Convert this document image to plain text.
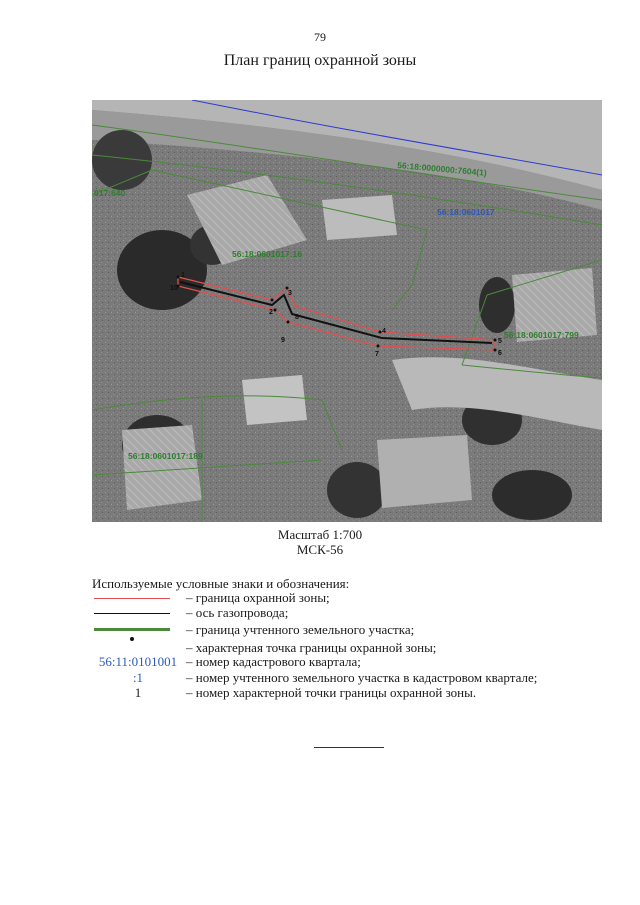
79
План границ охранной зоны
1
2
3
4
5
6
7
8
9
10
56:18:0000000:7604(1)
56:18:0601017
56:18:0601017:16
017:640
56:18:0601017:799
56:18:0601017:189
Масштаб 1:700
МСК-56
Используемые условные знаки и обозначения:
– граница охранной зоны;
– ось газопровода;
– граница учтенного земельного участка;
– характерная точка границы охранной зоны;
56:11:0101001 – номер кадастрового квартала;
:1	– номер учтенного земельного участка в кадастровом квартале;
1	– номер характерной точки границы охранной зоны.
